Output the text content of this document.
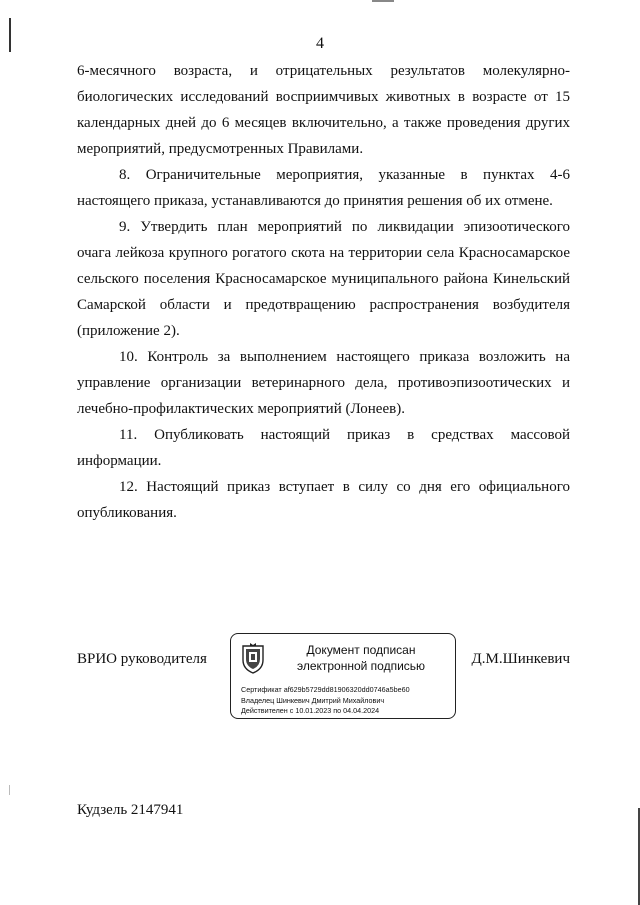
4

6-месячного возраста, и отрицательных результатов молекулярно-биологических исследований восприимчивых животных в возрасте от 15 календарных дней до 6 месяцев включительно, а также проведения других мероприятий, предусмотренных Правилами.

8. Ограничительные мероприятия, указанные в пунктах 4-6 настоящего приказа, устанавливаются до принятия решения об их отмене.

9. Утвердить план мероприятий по ликвидации эпизоотического очага лейкоза крупного рогатого скота на территории села Красносамарское сельского поселения Красносамарское муниципального района Кинельский Самарской области и предотвращению распространения возбудителя (приложение 2).

10. Контроль за выполнением настоящего приказа возложить на управление организации ветеринарного дела, противоэпизоотических и лечебно-профилактических мероприятий (Лонеев).

11. Опубликовать настоящий приказ в средствах массовой информации.

12. Настоящий приказ вступает в силу со дня его официального опубликования.

ВРИО руководителя
Документ подписан
электронной подписью
Сертификат af629b5729dd81906320dd0746a5be60
Владелец Шинкевич Дмитрий Михайлович
Действителен с 10.01.2023 по 04.04.2024
Д.М.Шинкевич
Кудзель 2147941
